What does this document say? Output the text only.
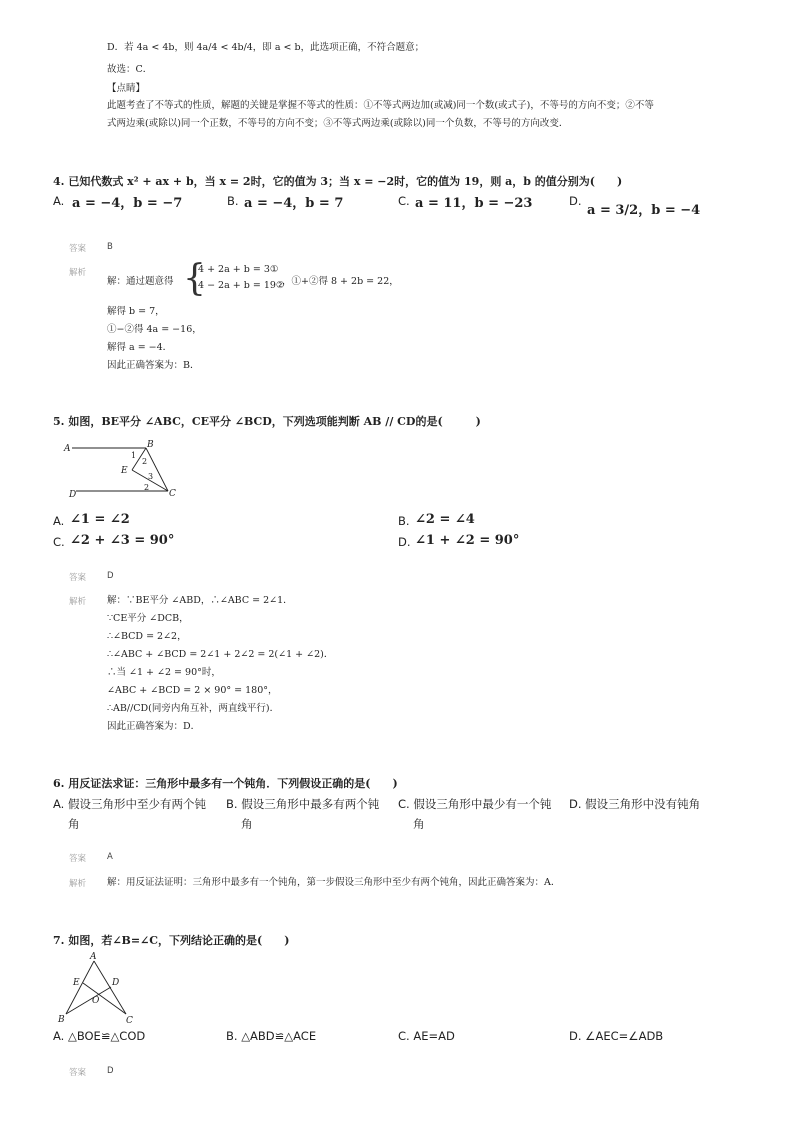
D．若 4a < 4b，则 4a/4 < 4b/4，即 a < b，此选项正确，不符合题意；
故选：C．
【点睛】
此题考查了不等式的性质，解题的关键是掌握不等式的性质：①不等式两边加(或减)同一个数(或式子)，不等号的方向不变；②不等
式两边乘(或除以)同一个正数，不等号的方向不变；③不等式两边乘(或除以)同一个负数，不等号的方向改变．
4. 已知代数式 x² + ax + b，当 x = 2时，它的值为 3；当 x = −2时，它的值为 19，则 a，b 的值分别为(　　)
A. a = −4，b = −7	B. a = −4，b = 7	C. a = 11，b = −23	D.
a = 3/2，b = −4
答案 B
解析
解：通过题意得 {
4 + 2a + b = 3①
4 − 2a + b = 19②
，①+②得 8 + 2b = 22，
解得 b = 7，
①−②得 4a = −16，
解得 a = −4．
因此正确答案为：B．
5. 如图，BE平分 ∠ABC，CE平分 ∠BCD，下列选项能判断 AB // CD的是(　　　)
A	B
C
D
E
1
2
3
2
A. ∠1 = ∠2	B. ∠2 = ∠4
C. ∠2 + ∠3 = 90°	D. ∠1 + ∠2 = 90°
答案 D
解析 解：∵BE平分 ∠ABD，∴∠ABC = 2∠1．
∵CE平分 ∠DCB，
∴∠BCD = 2∠2，
∴∠ABC + ∠BCD = 2∠1 + 2∠2 = 2(∠1 + ∠2)．
∴当 ∠1 + ∠2 = 90°时，
∠ABC + ∠BCD = 2 × 90° = 180°，
∴AB//CD(同旁内角互补，两直线平行)．
因此正确答案为：D．
6. 用反证法求证：三角形中最多有一个钝角．下列假设正确的是(　　)
A. 假设三角形中至少有两个钝
角
B. 假设三角形中最多有两个钝
角
C. 假设三角形中最少有一个钝
角
D. 假设三角形中没有钝角
答案 A
解析 解：用反证法证明：三角形中最多有一个钝角，第一步假设三角形中至少有两个钝角，因此正确答案为：A．
7. 如图，若∠B=∠C，下列结论正确的是(　　)
A
B	C
D
E
O
A. △BOE≌△COD	B. △ABD≌△ACE	C. AE=AD	D. ∠AEC=∠ADB
答案 D
